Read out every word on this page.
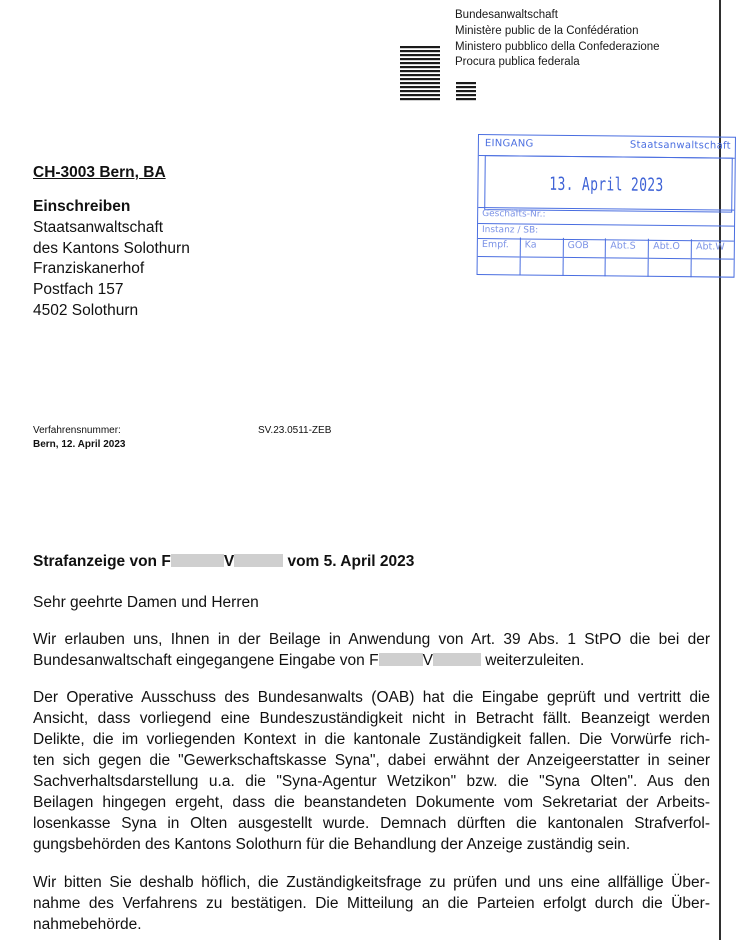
Bundesanwaltschaft
Ministère public de la Confédération
Ministero pubblico della Confederazione
Procura publica federala
EINGANG	Staatsanwaltschaft
13. April 2023
Geschäfts-Nr.:
Instanz / SB:
Empf.	Ka	GOB	Abt.S	Abt.O	Abt.W
CH-3003 Bern, BA
Einschreiben
Staatsanwaltschaft
des Kantons Solothurn
Franziskanerhof
Postfach 157
4502 Solothurn
Verfahrensnummer:	SV.23.0511-ZEB
Bern, 12. April 2023
Strafanzeige von F	V	vom 5. April 2023
Sehr geehrte Damen und Herren
Wir erlauben uns, Ihnen in der Beilage in Anwendung von Art. 39 Abs. 1 StPO die bei der
Bundesanwaltschaft eingegangene Eingabe von F	V	weiterzuleiten.
Der Operative Ausschuss des Bundesanwalts (OAB) hat die Eingabe geprüft und vertritt die
Ansicht, dass vorliegend eine Bundeszuständigkeit nicht in Betracht fällt. Beanzeigt werden
Delikte, die im vorliegenden Kontext in die kantonale Zuständigkeit fallen. Die Vorwürfe rich-
ten sich gegen die "Gewerkschaftskasse Syna", dabei erwähnt der Anzeigeerstatter in seiner
Sachverhaltsdarstellung u.a. die "Syna-Agentur Wetzikon" bzw. die "Syna Olten". Aus den
Beilagen hingegen ergeht, dass die beanstandeten Dokumente vom Sekretariat der Arbeits-
losenkasse Syna in Olten ausgestellt wurde. Demnach dürften die kantonalen Strafverfol-
gungsbehörden des Kantons Solothurn für die Behandlung der Anzeige zuständig sein.
Wir bitten Sie deshalb höflich, die Zuständigkeitsfrage zu prüfen und uns eine allfällige Über-
nahme des Verfahrens zu bestätigen. Die Mitteilung an die Parteien erfolgt durch die Über-
nahmebehörde.
